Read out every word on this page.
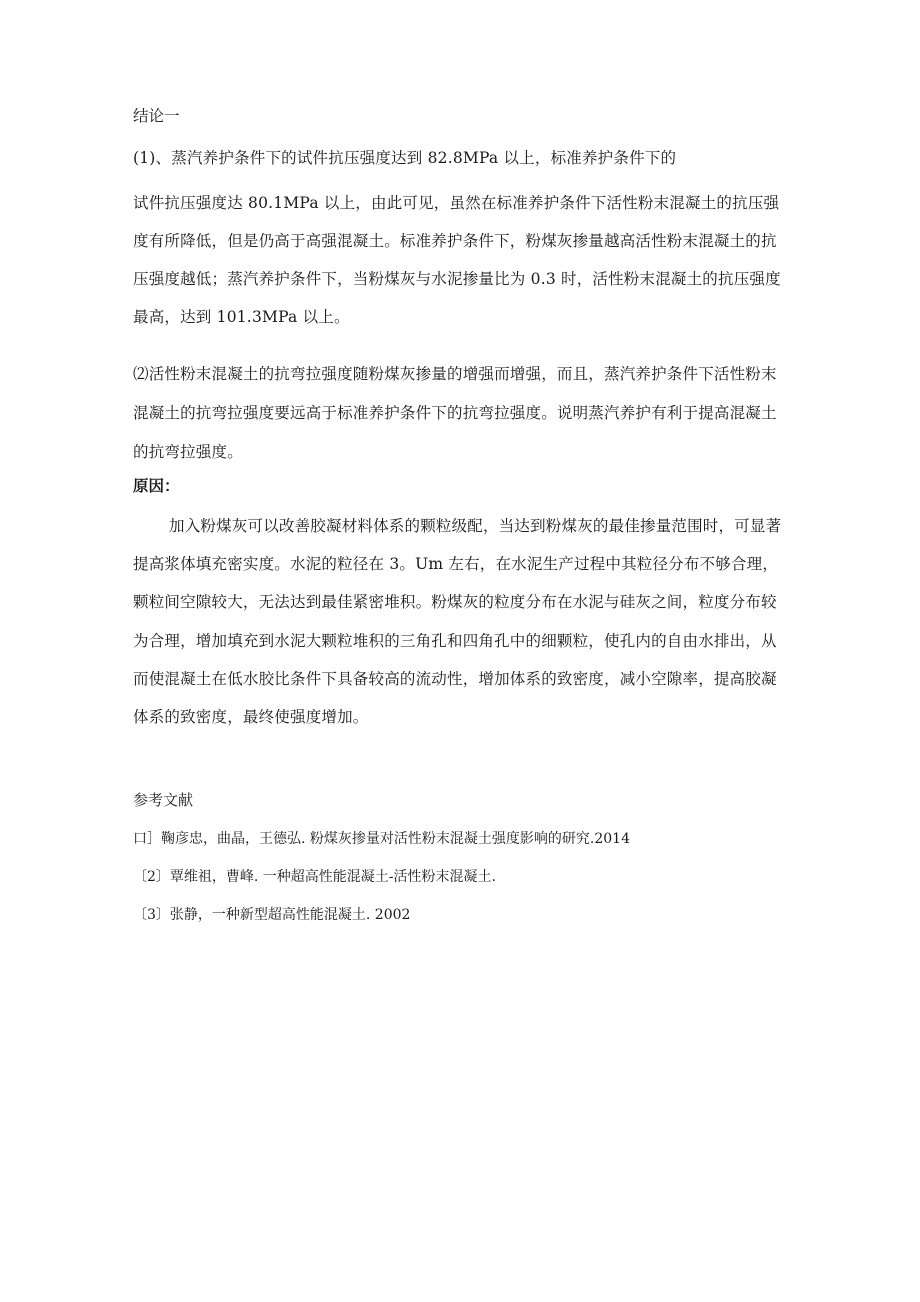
结论一

(1)、蒸汽养护条件下的试件抗压强度达到 82.8MPa 以上，标准养护条件下的

试件抗压强度达 80.1MPa 以上，由此可见，虽然在标准养护条件下活性粉末混凝土的抗压强度有所降低，但是仍高于高强混凝土。标准养护条件下，粉煤灰掺量越高活性粉末混凝土的抗压强度越低；蒸汽养护条件下，当粉煤灰与水泥掺量比为 0.3 时，活性粉末混凝土的抗压强度最高，达到 101.3MPa 以上。

⑵活性粉末混凝土的抗弯拉强度随粉煤灰掺量的增强而增强，而且，蒸汽养护条件下活性粉末混凝土的抗弯拉强度要远高于标准养护条件下的抗弯拉强度。说明蒸汽养护有利于提高混凝土的抗弯拉强度。

原因：

加入粉煤灰可以改善胶凝材料体系的颗粒级配，当达到粉煤灰的最佳掺量范围时，可显著提高浆体填充密实度。水泥的粒径在 3。Um 左右，在水泥生产过程中其粒径分布不够合理，颗粒间空隙较大，无法达到最佳紧密堆积。粉煤灰的粒度分布在水泥与硅灰之间，粒度分布较为合理，增加填充到水泥大颗粒堆积的三角孔和四角孔中的细颗粒，使孔内的自由水排出，从而使混凝土在低水胶比条件下具备较高的流动性，增加体系的致密度，减小空隙率，提高胶凝体系的致密度，最终使强度增加。

参考文献

口］鞠彦忠，曲晶，王德弘. 粉煤灰掺量对活性粉末混凝土强度影响的研究.2014

〔2〕覃维祖，曹峰. 一种超高性能混凝土-活性粉末混凝土.

〔3〕张静，一种新型超高性能混凝土. 2002
